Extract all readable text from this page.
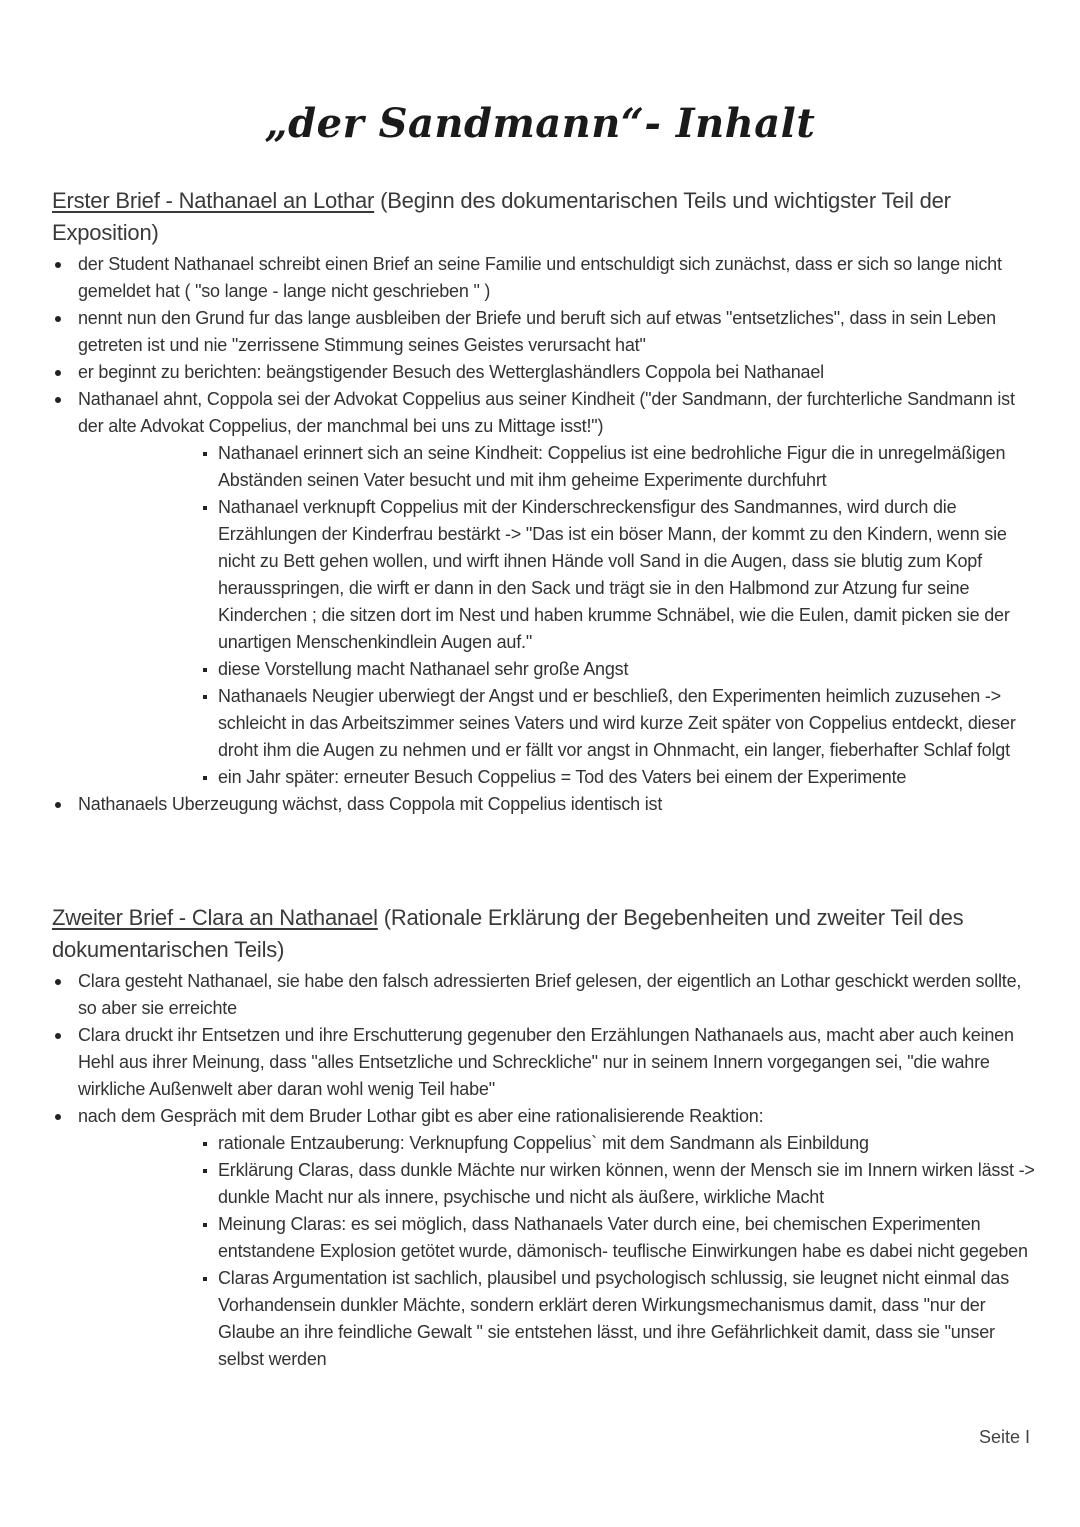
„der Sandmann“- Inhalt
Erster Brief - Nathanael an Lothar (Beginn des dokumentarischen Teils und wichtigster Teil der Exposition)
der Student Nathanael schreibt einen Brief an seine Familie und entschuldigt sich zunächst, dass er sich so lange nicht gemeldet hat ( "so lange - lange nicht geschrieben " )
nennt nun den Grund fur das lange ausbleiben der Briefe und beruft sich auf etwas "entsetzliches", dass in sein Leben getreten ist und nie "zerrissene Stimmung seines Geistes verursacht hat"
er beginnt zu berichten: beängstigender Besuch des Wetterglashändlers Coppola bei Nathanael
Nathanael ahnt, Coppola sei der Advokat Coppelius aus seiner Kindheit ("der Sandmann, der furchterliche Sandmann ist der alte Advokat Coppelius, der manchmal bei uns zu Mittage isst!")
Nathanael erinnert sich an seine Kindheit: Coppelius ist eine bedrohliche Figur die in unregelmäßigen Abständen seinen Vater besucht und mit ihm geheime Experimente durchfuhrt
Nathanael verknupft Coppelius mit der Kinderschreckensfigur des Sandmannes, wird durch die Erzählungen der Kinderfrau bestärkt -> "Das ist ein böser Mann, der kommt zu den Kindern, wenn sie nicht zu Bett gehen wollen, und wirft ihnen Hände voll Sand in die Augen, dass sie blutig zum Kopf herausspringen, die wirft er dann in den Sack und trägt sie in den Halbmond zur Atzung fur seine Kinderchen ; die sitzen dort im Nest und haben krumme Schnäbel, wie die Eulen, damit picken sie der unartigen Menschenkindlein Augen auf."
diese Vorstellung macht Nathanael sehr große Angst
Nathanaels Neugier uberwiegt der Angst und er beschließ, den Experimenten heimlich zuzusehen -> schleicht in das Arbeitszimmer seines Vaters und wird kurze Zeit später von Coppelius entdeckt, dieser droht ihm die Augen zu nehmen und er fällt vor angst in Ohnmacht, ein langer, fieberhafter Schlaf folgt
ein Jahr später: erneuter Besuch Coppelius = Tod des Vaters bei einem der Experimente
Nathanaels Uberzeugung wächst, dass Coppola mit Coppelius identisch ist
Zweiter Brief - Clara an Nathanael (Rationale Erklärung der Begebenheiten und zweiter Teil des dokumentarischen Teils)
Clara gesteht Nathanael, sie habe den falsch adressierten Brief gelesen, der eigentlich an Lothar geschickt werden sollte, so aber sie erreichte
Clara druckt ihr Entsetzen und ihre Erschutterung gegenuber den Erzählungen Nathanaels aus, macht aber auch keinen Hehl aus ihrer Meinung, dass "alles Entsetzliche und Schreckliche" nur in seinem Innern vorgegangen sei, "die wahre wirkliche Außenwelt aber daran wohl wenig Teil habe"
nach dem Gespräch mit dem Bruder Lothar gibt es aber eine rationalisierende Reaktion:
rationale Entzauberung: Verknupfung Coppelius` mit dem Sandmann als Einbildung
Erklärung Claras, dass dunkle Mächte nur wirken können, wenn der Mensch sie im Innern wirken lässt -> dunkle Macht nur als innere, psychische und nicht als äußere, wirkliche Macht
Meinung Claras: es sei möglich, dass Nathanaels Vater durch eine, bei chemischen Experimenten entstandene Explosion getötet wurde, dämonisch- teuflische Einwirkungen habe es dabei nicht gegeben
Claras Argumentation ist sachlich, plausibel und psychologisch schlussig, sie leugnet nicht einmal das Vorhandensein dunkler Mächte, sondern erklärt deren Wirkungsmechanismus damit, dass "nur der Glaube an ihre feindliche Gewalt " sie entstehen lässt, und ihre Gefährlichkeit damit, dass sie "unser selbst werden
Seite I
